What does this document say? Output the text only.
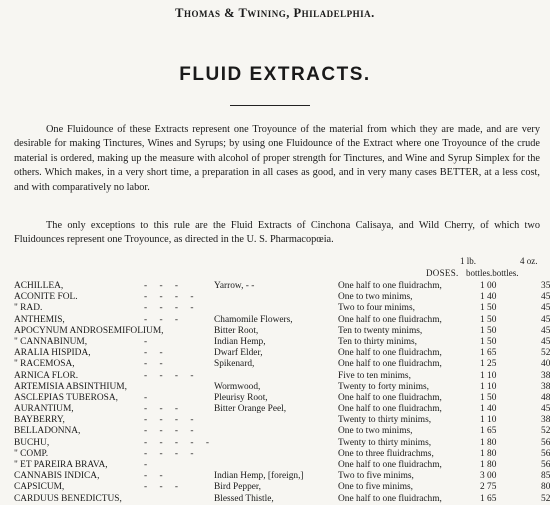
Thomas & Twining, Philadelphia.
FLUID EXTRACTS.

One Fluidounce of these Extracts represent one Troyounce of the material from which they are made, and are very desirable for making Tinctures, Wines and Syrups; by using one Fluidounce of the Extract where one Troyounce of the crude material is ordered, making up the measure with alcohol of proper strength for Tinctures, and Wine and Syrup Simplex for the others. Which makes, in a very short time, a preparation in all cases as good, and in very many cases BETTER, at a less cost, and with comparatively no labor.

The only exceptions to this rule are the Fluid Extracts of Cinchona Calisaya, and Wild Cherry, of which two Fluidounces represent one Troyounce, as directed in the U. S. Pharmacopœia.

1 lb.	4 oz.
DOSES. bottles.bottles.
ACHILLEA,	- - -	Yarrow, - -	One half to one fluidrachm,	1 00	35
ACONITE FOL.	- - - -	One to two minims,	1 40	45
" RAD.	- - - -	Two to four minims,	1 50	45
ANTHEMIS,	- - -	Chamomile Flowers,	One half to one fluidrachm,	1 50	45
APOCYNUM ANDROSEMIFOLIUM,	Bitter Root,	Ten to twenty minims,	1 50	45
" CANNABINUM,	-	Indian Hemp,	Ten to thirty minims,	1 50	45
ARALIA HISPIDA,	- -	Dwarf Elder,	One half to one fluidrachm,	1 65	52
" RACEMOSA,	- -	Spikenard,	One half to one fluidrachm,	1 25	40
ARNICA FLOR.	- - - -	Five to ten minims,	1 10	38
ARTEMISIA ABSINTHIUM,	Wormwood,	Twenty to forty minims,	1 10	38
ASCLEPIAS TUBEROSA,	-	Pleurisy Root,	One half to one fluidrachm,	1 50	48
AURANTIUM,	- - -	Bitter Orange Peel,	One half to one fluidrachm,	1 40	45
BAYBERRY,	- - - -	Twenty to thirty minims,	1 10	38
BELLADONNA,	- - - -	One to two minims,	1 65	52
BUCHU,	- - - - -	Twenty to thirty minims,	1 80	56
" COMP.	- - - -	One to three fluidrachms,	1 80	56
" ET PAREIRA BRAVA,	-	One half to one fluidrachm,	1 80	56
CANNABIS INDICA,	- -	Indian Hemp, [foreign,]	Two to five minims,	3 00	85
CAPSICUM,	- - -	Bird Pepper,	One to five minims,	2 75	80
CARDUUS BENEDICTUS,	Blessed Thistle,	One half to one fluidrachm,	1 65	52
